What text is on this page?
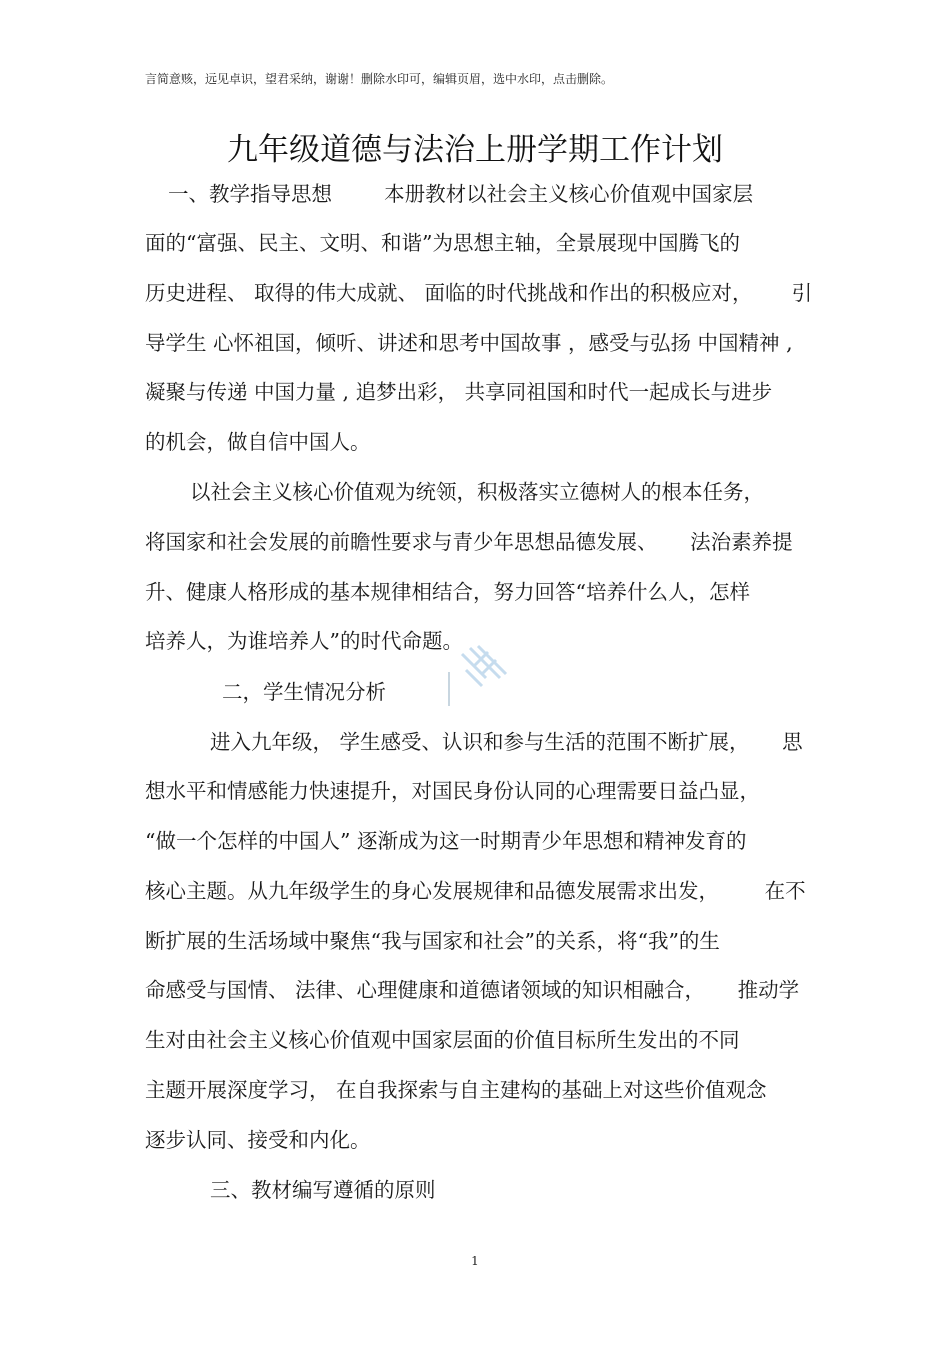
言简意赅，远见卓识，望君采纳，谢谢！删除水印可，编辑页眉，选中水印，点击删除。
九年级道德与法治上册学期工作计划
一、教学指导思想        本册教材以社会主义核心价值观中国家层
面的“富强、民主、文明、和谐”为思想主轴，全景展现中国腾飞的
历史进程、 取得的伟大成就、 面临的时代挑战和作出的积极应对，      引
导学生 心怀祖国，倾听、讲述和思考中国故事 ，感受与弘扬 中国精神 ,
凝聚与传递 中国力量 , 追梦出彩， 共享同祖国和时代一起成长与进步
的机会，做自信中国人。
以社会主义核心价值观为统领，积极落实立德树人的根本任务，
将国家和社会发展的前瞻性要求与青少年思想品德发展、     法治素养提
升、健康人格形成的基本规律相结合，努力回答“培养什么人，怎样
培养人，为谁培养人”的时代命题。
二，学生情况分析
进入九年级， 学生感受、认识和参与生活的范围不断扩展，     思
想水平和情感能力快速提升，对国民身份认同的心理需要日益凸显，
“做一个怎样的中国人” 逐渐成为这一时期青少年思想和精神发育的
核心主题。从九年级学生的身心发展规律和品德发展需求出发，       在不
断扩展的生活场域中聚焦“我与国家和社会”的关系，将“我”的生
命感受与国情、 法律、心理健康和道德诸领域的知识相融合，     推动学
生对由社会主义核心价值观中国家层面的价值目标所生发出的不同
主题开展深度学习， 在自我探索与自主建构的基础上对这些价值观念
逐步认同、接受和内化。
三、教材编写遵循的原则
1
